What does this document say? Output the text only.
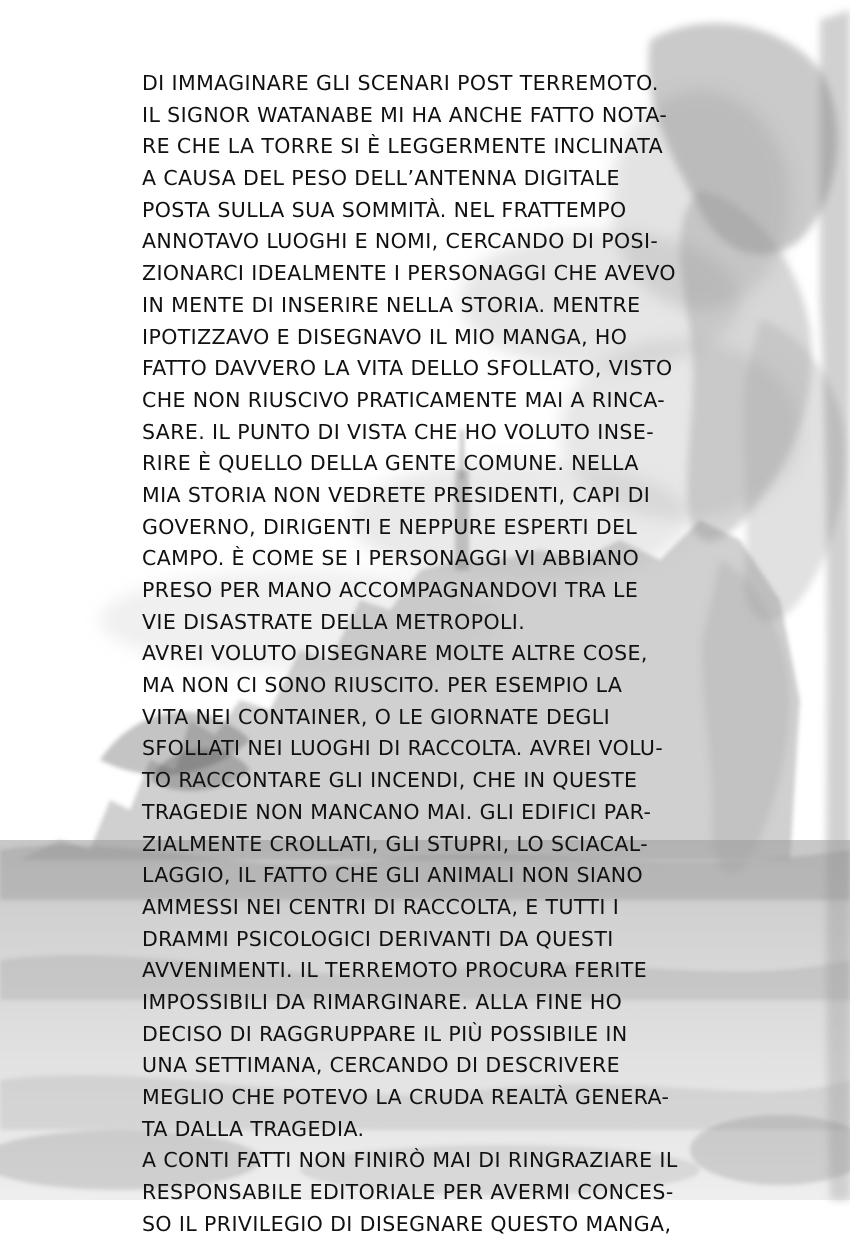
DI IMMAGINARE GLI SCENARI POST TERREMOTO.
IL SIGNOR WATANABE MI HA ANCHE FATTO NOTA-
RE CHE LA TORRE SI È LEGGERMENTE INCLINATA
A CAUSA DEL PESO DELL’ANTENNA DIGITALE
POSTA SULLA SUA SOMMITÀ. NEL FRATTEMPO
ANNOTAVO LUOGHI E NOMI, CERCANDO DI POSI-
ZIONARCI IDEALMENTE I PERSONAGGI CHE AVEVO
IN MENTE DI INSERIRE NELLA STORIA. MENTRE
IPOTIZZAVO E DISEGNAVO IL MIO MANGA, HO
FATTO DAVVERO LA VITA DELLO SFOLLATO, VISTO
CHE NON RIUSCIVO PRATICAMENTE MAI A RINCA-
SARE. IL PUNTO DI VISTA CHE HO VOLUTO INSE-
RIRE È QUELLO DELLA GENTE COMUNE. NELLA
MIA STORIA NON VEDRETE PRESIDENTI, CAPI DI
GOVERNO, DIRIGENTI E NEPPURE ESPERTI DEL
CAMPO. È COME SE I PERSONAGGI VI ABBIANO
PRESO PER MANO ACCOMPAGNANDOVI TRA LE
VIE DISASTRATE DELLA METROPOLI.
AVREI VOLUTO DISEGNARE MOLTE ALTRE COSE,
MA NON CI SONO RIUSCITO. PER ESEMPIO LA
VITA NEI CONTAINER, O LE GIORNATE DEGLI
SFOLLATI NEI LUOGHI DI RACCOLTA. AVREI VOLU-
TO RACCONTARE GLI INCENDI, CHE IN QUESTE
TRAGEDIE NON MANCANO MAI. GLI EDIFICI PAR-
ZIALMENTE CROLLATI, GLI STUPRI, LO SCIACAL-
LAGGIO, IL FATTO CHE GLI ANIMALI NON SIANO
AMMESSI NEI CENTRI DI RACCOLTA, E TUTTI I
DRAMMI PSICOLOGICI DERIVANTI DA QUESTI
AVVENIMENTI. IL TERREMOTO PROCURA FERITE
IMPOSSIBILI DA RIMARGINARE. ALLA FINE HO
DECISO DI RAGGRUPPARE IL PIÙ POSSIBILE IN
UNA SETTIMANA, CERCANDO DI DESCRIVERE
MEGLIO CHE POTEVO LA CRUDA REALTÀ GENERA-
TA DALLA TRAGEDIA.
A CONTI FATTI NON FINIRÒ MAI DI RINGRAZIARE IL
RESPONSABILE EDITORIALE PER AVERMI CONCES-
SO IL PRIVILEGIO DI DISEGNARE QUESTO MANGA,
